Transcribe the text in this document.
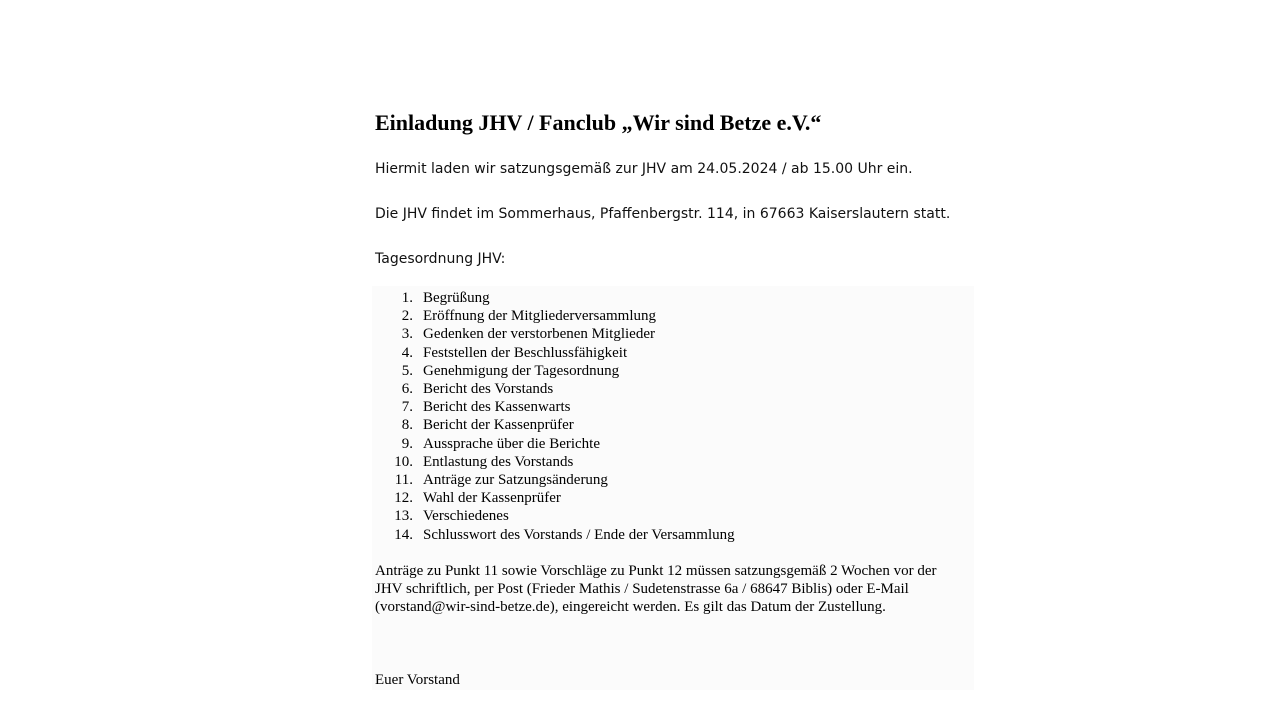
Einladung JHV / Fanclub „Wir sind Betze e.V.“

Hiermit laden wir satzungsgemäß zur JHV am 24.05.2024 / ab 15.00 Uhr ein.

Die JHV findet im Sommerhaus, Pfaffenbergstr. 114, in 67663 Kaiserslautern statt.

Tagesordnung JHV:

1. Begrüßung
2. Eröffnung der Mitgliederversammlung
3. Gedenken der verstorbenen Mitglieder
4. Feststellen der Beschlussfähigkeit
5. Genehmigung der Tagesordnung
6. Bericht des Vorstands
7. Bericht des Kassenwarts
8. Bericht der Kassenprüfer
9. Aussprache über die Berichte
10. Entlastung des Vorstands
11. Anträge zur Satzungsänderung
12. Wahl der Kassenprüfer
13. Verschiedenes
14. Schlusswort des Vorstands / Ende der Versammlung

Anträge zu Punkt 11 sowie Vorschläge zu Punkt 12 müssen satzungsgemäß 2 Wochen vor der
JHV schriftlich, per Post (Frieder Mathis / Sudetenstrasse 6a / 68647 Biblis) oder E-Mail
(vorstand@wir-sind-betze.de), eingereicht werden. Es gilt das Datum der Zustellung.

Euer Vorstand
